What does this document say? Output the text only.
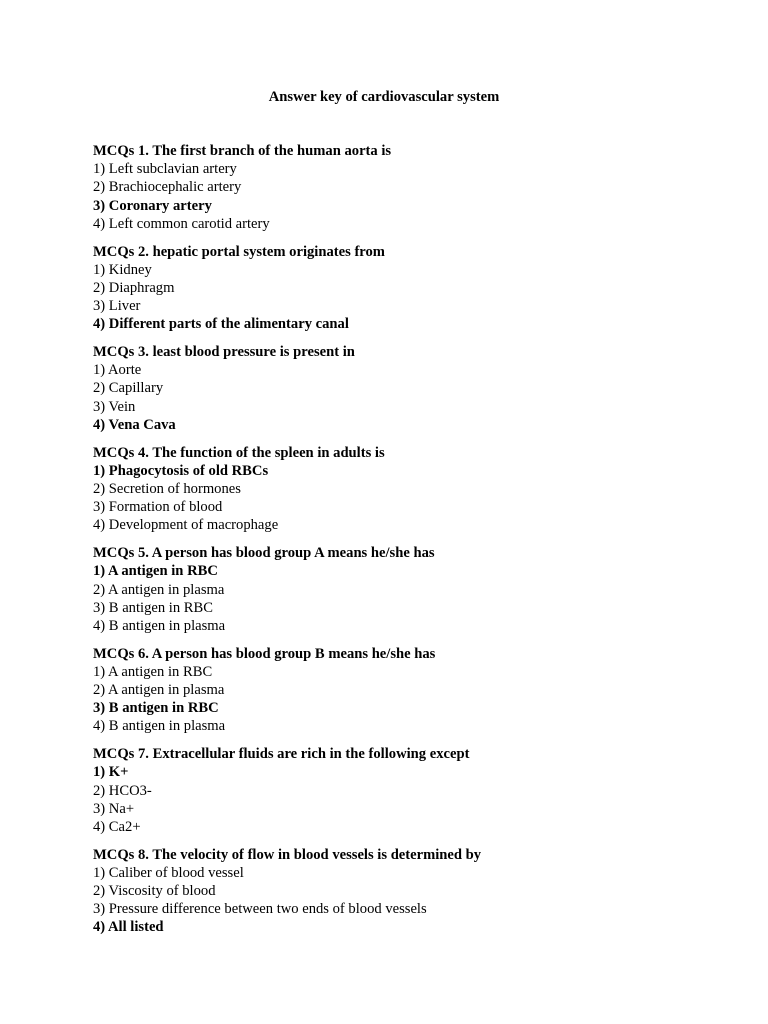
Answer key of cardiovascular system
MCQs 1. The first branch of the human aorta is
1) Left subclavian artery
2) Brachiocephalic artery
3) Coronary artery
4) Left common carotid artery
MCQs 2. hepatic portal system originates from
1) Kidney
2) Diaphragm
3) Liver
4) Different parts of the alimentary canal
MCQs 3. least blood pressure is present in
1) Aorte
2) Capillary
3) Vein
4) Vena Cava
MCQs 4. The function of the spleen in adults is
1) Phagocytosis of old RBCs
2) Secretion of hormones
3) Formation of blood
4) Development of macrophage
MCQs 5. A person has blood group A means he/she has
1) A antigen in RBC
2) A antigen in plasma
3) B antigen in RBC
4) B antigen in plasma
MCQs 6. A person has blood group B means he/she has
1) A antigen in RBC
2) A antigen in plasma
3) B antigen in RBC
4) B antigen in plasma
MCQs 7. Extracellular fluids are rich in the following except
1) K+
2) HCO3-
3) Na+
4) Ca2+
MCQs 8. The velocity of flow in blood vessels is determined by
1) Caliber of blood vessel
2) Viscosity of blood
3) Pressure difference between two ends of blood vessels
4) All listed
